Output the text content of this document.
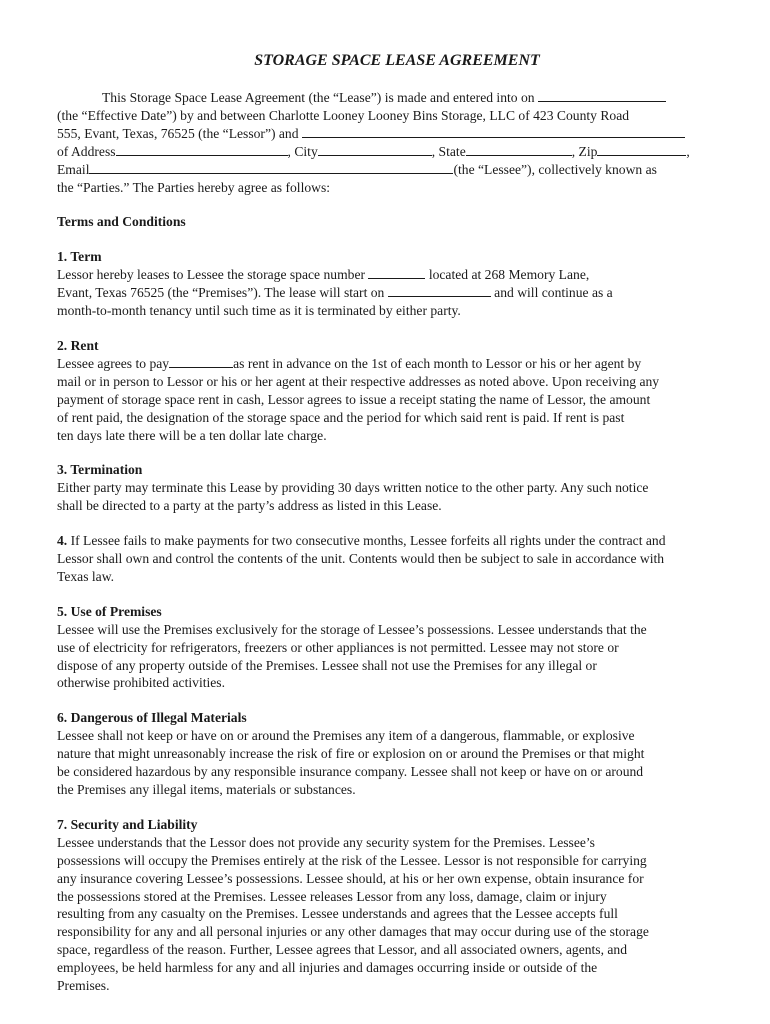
STORAGE SPACE LEASE AGREEMENT
This Storage Space Lease Agreement (the “Lease”) is made and entered into on
(the “Effective Date”) by and between Charlotte Looney Looney Bins Storage, LLC of 423 County Road
555, Evant, Texas, 76525 (the “Lessor”) and
of Address	, City	, State	, Zip	,
Email	(the “Lessee”), collectively known as
the “Parties.” The Parties hereby agree as follows:
Terms and Conditions
1. Term
Lessor hereby leases to Lessee the storage space number	located at 268 Memory Lane,
Evant, Texas 76525 (the “Premises”). The lease will start on	and will continue as a
month-to-month tenancy until such time as it is terminated by either party.
2. Rent
Lessee agrees to pay	as rent in advance on the 1st of each month to Lessor or his or her agent by
mail or in person to Lessor or his or her agent at their respective addresses as noted above. Upon receiving any
payment of storage space rent in cash, Lessor agrees to issue a receipt stating the name of Lessor, the amount
of rent paid, the designation of the storage space and the period for which said rent is paid. If rent is past
ten days late there will be a ten dollar late charge.
3. Termination
Either party may terminate this Lease by providing 30 days written notice to the other party. Any such notice
shall be directed to a party at the party’s address as listed in this Lease.
4. If Lessee fails to make payments for two consecutive months, Lessee forfeits all rights under the contract and
Lessor shall own and control the contents of the unit. Contents would then be subject to sale in accordance with
Texas law.
5. Use of Premises
Lessee will use the Premises exclusively for the storage of Lessee’s possessions. Lessee understands that the
use of electricity for refrigerators, freezers or other appliances is not permitted. Lessee may not store or
dispose of any property outside of the Premises. Lessee shall not use the Premises for any illegal or
otherwise prohibited activities.
6. Dangerous of Illegal Materials
Lessee shall not keep or have on or around the Premises any item of a dangerous, flammable, or explosive
nature that might unreasonably increase the risk of fire or explosion on or around the Premises or that might
be considered hazardous by any responsible insurance company. Lessee shall not keep or have on or around
the Premises any illegal items, materials or substances.
7. Security and Liability
Lessee understands that the Lessor does not provide any security system for the Premises. Lessee’s
possessions will occupy the Premises entirely at the risk of the Lessee. Lessor is not responsible for carrying
any insurance covering Lessee’s possessions. Lessee should, at his or her own expense, obtain insurance for
the possessions stored at the Premises. Lessee releases Lessor from any loss, damage, claim or injury
resulting from any casualty on the Premises. Lessee understands and agrees that the Lessee accepts full
responsibility for any and all personal injuries or any other damages that may occur during use of the storage
space, regardless of the reason. Further, Lessee agrees that Lessor, and all associated owners, agents, and
employees, be held harmless for any and all injuries and damages occurring inside or outside of the
Premises.
